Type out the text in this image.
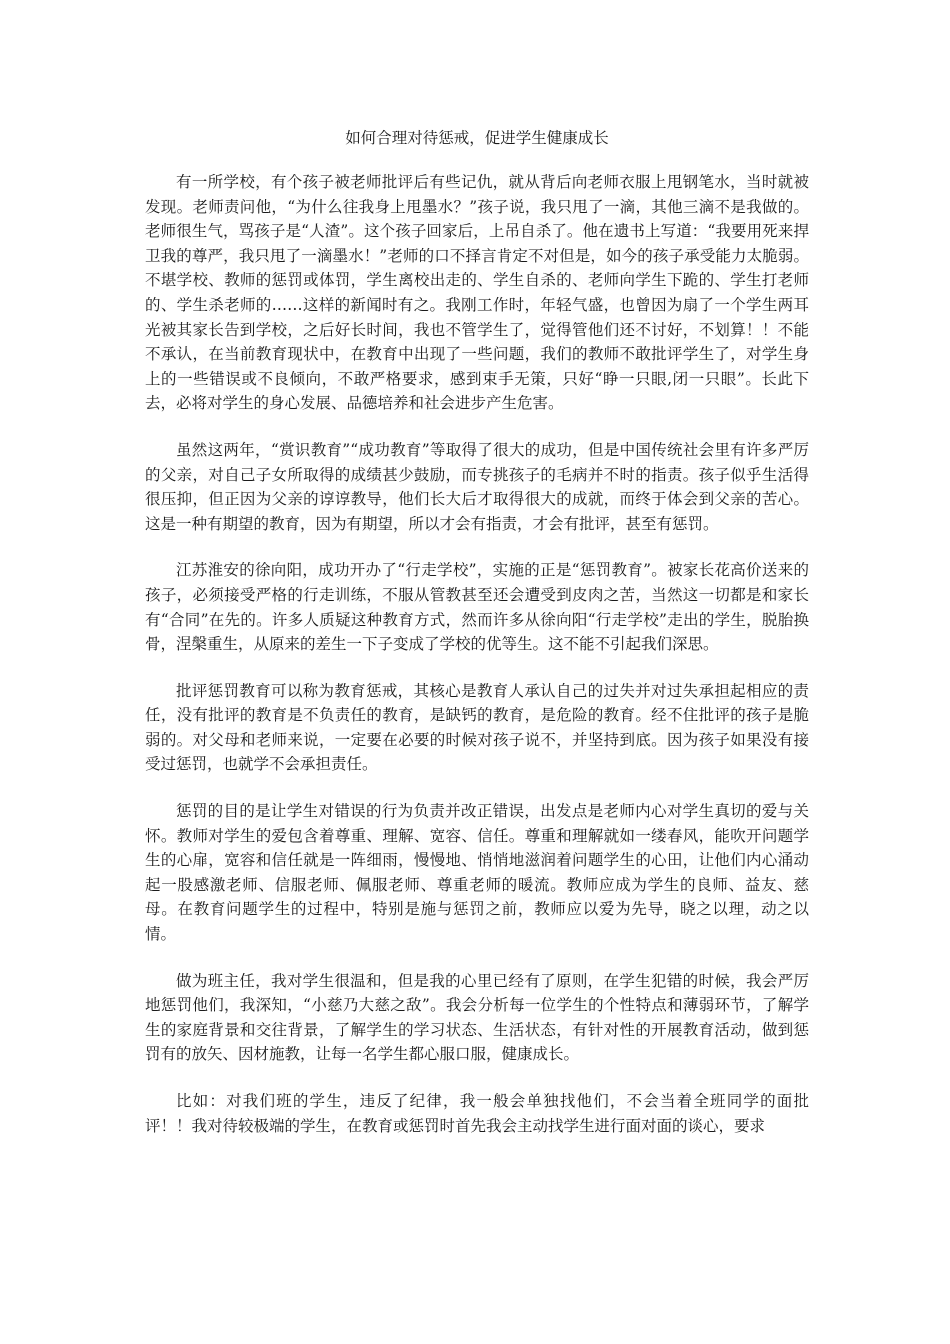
如何合理对待惩戒，促进学生健康成长

有一所学校，有个孩子被老师批评后有些记仇，就从背后向老师衣服上甩钢笔水，当时就被发现。老师责问他，“为什么往我身上甩墨水？”孩子说，我只甩了一滴，其他三滴不是我做的。老师很生气，骂孩子是“人渣”。这个孩子回家后，上吊自杀了。他在遗书上写道：“我要用死来捍卫我的尊严，我只甩了一滴墨水！”老师的口不择言肯定不对但是，如今的孩子承受能力太脆弱。不堪学校、教师的惩罚或体罚，学生离校出走的、学生自杀的、老师向学生下跪的、学生打老师的、学生杀老师的……这样的新闻时有之。我刚工作时，年轻气盛，也曾因为扇了一个学生两耳光被其家长告到学校，之后好长时间，我也不管学生了，觉得管他们还不讨好，不划算！！不能不承认，在当前教育现状中，在教育中出现了一些问题，我们的教师不敢批评学生了，对学生身上的一些错误或不良倾向，不敢严格要求，感到束手无策，只好“睁一只眼,闭一只眼”。长此下去，必将对学生的身心发展、品德培养和社会进步产生危害。

虽然这两年，“赏识教育”“成功教育”等取得了很大的成功，但是中国传统社会里有许多严厉的父亲，对自己子女所取得的成绩甚少鼓励，而专挑孩子的毛病并不时的指责。孩子似乎生活得很压抑，但正因为父亲的谆谆教导，他们长大后才取得很大的成就，而终于体会到父亲的苦心。这是一种有期望的教育，因为有期望，所以才会有指责，才会有批评，甚至有惩罚。

江苏淮安的徐向阳，成功开办了“行走学校”，实施的正是“惩罚教育”。被家长花高价送来的孩子，必须接受严格的行走训练，不服从管教甚至还会遭受到皮肉之苦，当然这一切都是和家长有“合同”在先的。许多人质疑这种教育方式，然而许多从徐向阳“行走学校”走出的学生，脱胎换骨，涅槃重生，从原来的差生一下子变成了学校的优等生。这不能不引起我们深思。

批评惩罚教育可以称为教育惩戒，其核心是教育人承认自己的过失并对过失承担起相应的责任，没有批评的教育是不负责任的教育，是缺钙的教育，是危险的教育。经不住批评的孩子是脆弱的。对父母和老师来说，一定要在必要的时候对孩子说不，并坚持到底。因为孩子如果没有接受过惩罚，也就学不会承担责任。

惩罚的目的是让学生对错误的行为负责并改正错误，出发点是老师内心对学生真切的爱与关怀。教师对学生的爱包含着尊重、理解、宽容、信任。尊重和理解就如一缕春风，能吹开问题学生的心扉，宽容和信任就是一阵细雨，慢慢地、悄悄地滋润着问题学生的心田，让他们内心涌动起一股感激老师、信服老师、佩服老师、尊重老师的暖流。教师应成为学生的良师、益友、慈母。在教育问题学生的过程中，特别是施与惩罚之前，教师应以爱为先导，晓之以理，动之以情。

做为班主任，我对学生很温和，但是我的心里已经有了原则，在学生犯错的时候，我会严厉地惩罚他们，我深知，“小慈乃大慈之敌”。我会分析每一位学生的个性特点和薄弱环节，了解学生的家庭背景和交往背景，了解学生的学习状态、生活状态，有针对性的开展教育活动，做到惩罚有的放矢、因材施教，让每一名学生都心服口服，健康成长。

比如：对我们班的学生，违反了纪律，我一般会单独找他们，不会当着全班同学的面批评！！我对待较极端的学生，在教育或惩罚时首先我会主动找学生进行面对面的谈心，要求
